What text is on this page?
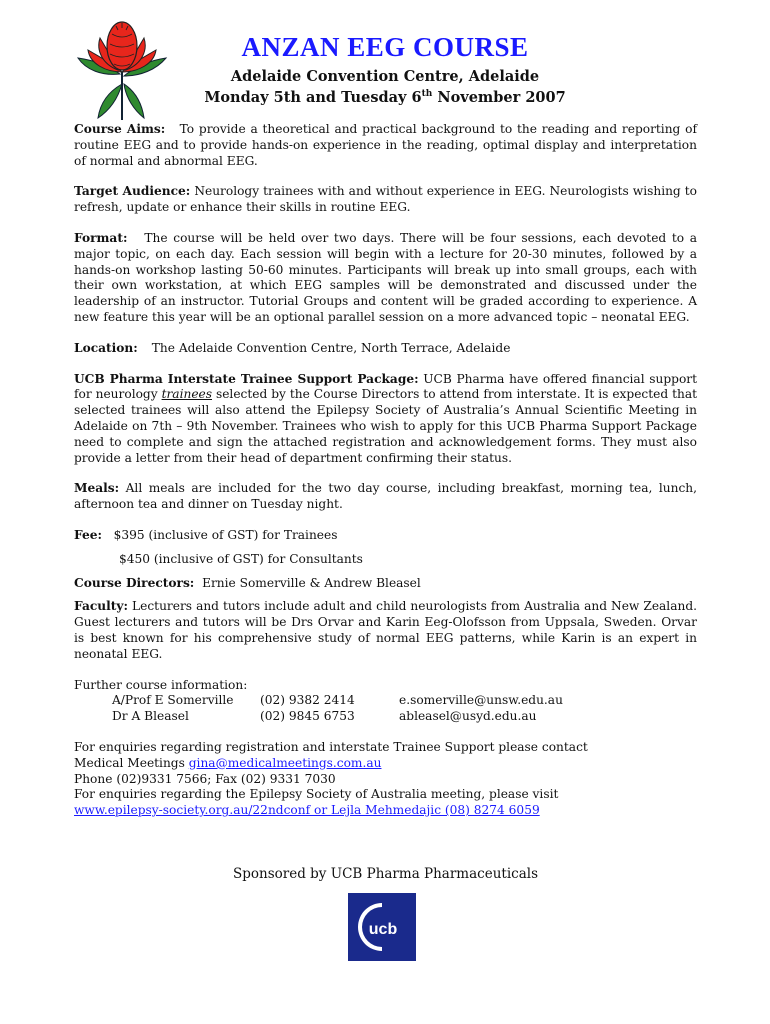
ANZAN EEG COURSE
Adelaide Convention Centre, Adelaide
Monday 5th and Tuesday 6th November 2007

Course Aims: To provide a theoretical and practical background to the reading and reporting of routine EEG and to provide hands-on experience in the reading, optimal display and interpretation of normal and abnormal EEG.

Target Audience: Neurology trainees with and without experience in EEG. Neurologists wishing to refresh, update or enhance their skills in routine EEG.

Format: The course will be held over two days. There will be four sessions, each devoted to a major topic, on each day. Each session will begin with a lecture for 20-30 minutes, followed by a hands-on workshop lasting 50-60 minutes. Participants will break up into small groups, each with their own workstation, at which EEG samples will be demonstrated and discussed under the leadership of an instructor. Tutorial Groups and content will be graded according to experience. A new feature this year will be an optional parallel session on a more advanced topic – neonatal EEG.

Location: The Adelaide Convention Centre, North Terrace, Adelaide

UCB Pharma Interstate Trainee Support Package: UCB Pharma have offered financial support for neurology trainees selected by the Course Directors to attend from interstate. It is expected that selected trainees will also attend the Epilepsy Society of Australia’s Annual Scientific Meeting in Adelaide on 7th – 9th November. Trainees who wish to apply for this UCB Pharma Support Package need to complete and sign the attached registration and acknowledgement forms. They must also provide a letter from their head of department confirming their status.

Meals: All meals are included for the two day course, including breakfast, morning tea, lunch, afternoon tea and dinner on Tuesday night.

Fee: $395 (inclusive of GST) for Trainees

$450 (inclusive of GST) for Consultants

Course Directors: Ernie Somerville & Andrew Bleasel

Faculty: Lecturers and tutors include adult and child neurologists from Australia and New Zealand. Guest lecturers and tutors will be Drs Orvar and Karin Eeg-Olofsson from Uppsala, Sweden. Orvar is best known for his comprehensive study of normal EEG patterns, while Karin is an expert in neonatal EEG.

Further course information:
A/Prof E Somerville	(02) 9382 2414	e.somerville@unsw.edu.au
Dr A Bleasel	(02) 9845 6753	ableasel@usyd.edu.au

For enquiries regarding registration and interstate Trainee Support please contact

Medical Meetings gina@medicalmeetings.com.au

Phone (02)9331 7566; Fax (02) 9331 7030

For enquiries regarding the Epilepsy Society of Australia meeting, please visit

www.epilepsy-society.org.au/22ndconf or Lejla Mehmedajic (08) 8274 6059

Sponsored by UCB Pharma Pharmaceuticals
ucb
